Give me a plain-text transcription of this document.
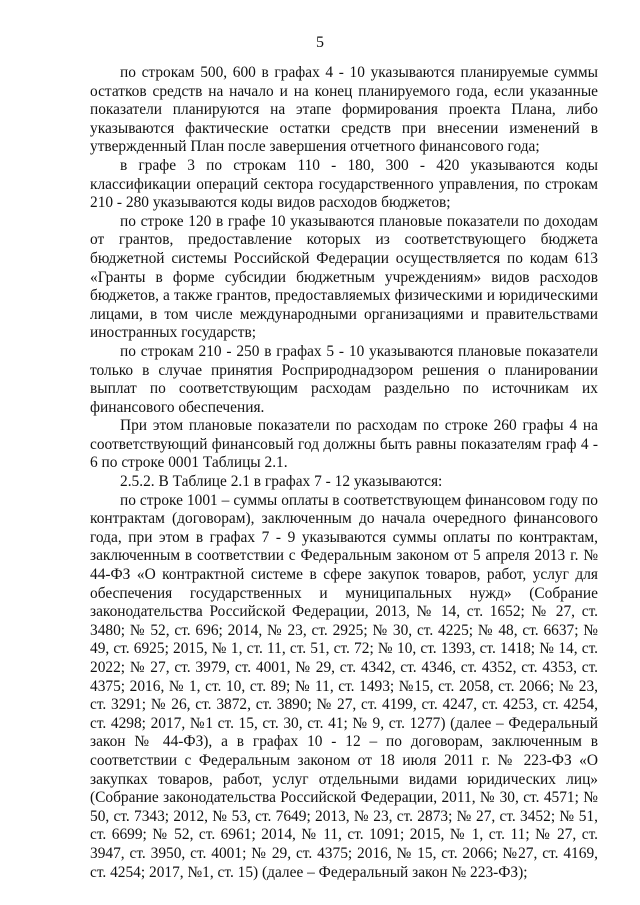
5

по строкам 500, 600 в графах 4 - 10 указываются планируемые суммы остатков средств на начало и на конец планируемого года, если указанные показатели планируются на этапе формирования проекта Плана, либо указываются фактические остатки средств при внесении изменений в утвержденный План после завершения отчетного финансового года;

в графе 3 по строкам 110 - 180, 300 - 420 указываются коды классификации операций сектора государственного управления, по строкам 210 - 280 указываются коды видов расходов бюджетов;

по строке 120 в графе 10 указываются плановые показатели по доходам от грантов, предоставление которых из соответствующего бюджета бюджетной системы Российской Федерации осуществляется по кодам 613 «Гранты в форме субсидии бюджетным учреждениям» видов расходов бюджетов, а также грантов, предоставляемых физическими и юридическими лицами, в том числе международными организациями и правительствами иностранных государств;

по строкам 210 - 250 в графах 5 - 10 указываются плановые показатели только в случае принятия Росприроднадзором решения о планировании выплат по соответствующим расходам раздельно по источникам их финансового обеспечения.

При этом плановые показатели по расходам по строке 260 графы 4 на соответствующий финансовый год должны быть равны показателям граф 4 - 6 по строке 0001 Таблицы 2.1.

2.5.2. В Таблице 2.1 в графах 7 - 12 указываются:

по строке 1001 – суммы оплаты в соответствующем финансовом году по контрактам (договорам), заключенным до начала очередного финансового года, при этом в графах 7 - 9 указываются суммы оплаты по контрактам, заключенным в соответствии с Федеральным законом от 5 апреля 2013 г. № 44-ФЗ «О контрактной системе в сфере закупок товаров, работ, услуг для обеспечения государственных и муниципальных нужд» (Собрание законодательства Российской Федерации, 2013, № 14, ст. 1652; № 27, ст. 3480; № 52, ст. 696; 2014, № 23, ст. 2925; № 30, ст. 4225; № 48, ст. 6637; № 49, ст. 6925; 2015, № 1, ст. 11, ст. 51, ст. 72; № 10, ст. 1393, ст. 1418; № 14, ст. 2022; № 27, ст. 3979, ст. 4001, № 29, ст. 4342, ст. 4346, ст. 4352, ст. 4353, ст. 4375; 2016, № 1, ст. 10, ст. 89; № 11, ст. 1493; №15, ст. 2058, ст. 2066; № 23, ст. 3291; № 26, ст. 3872, ст. 3890; № 27, ст. 4199, ст. 4247, ст. 4253, ст. 4254, ст. 4298; 2017, №1 ст. 15, ст. 30, ст. 41; № 9, ст. 1277) (далее – Федеральный закон № 44-ФЗ), а в графах 10 - 12 – по договорам, заключенным в соответствии с Федеральным законом от 18 июля 2011 г. № 223-ФЗ «О закупках товаров, работ, услуг отдельными видами юридических лиц» (Собрание законодательства Российской Федерации, 2011, № 30, ст. 4571; № 50, ст. 7343; 2012, № 53, ст. 7649; 2013, № 23, ст. 2873; № 27, ст. 3452; № 51, ст. 6699; № 52, ст. 6961; 2014, № 11, ст. 1091; 2015, № 1, ст. 11; № 27, ст. 3947, ст. 3950, ст. 4001; № 29, ст. 4375; 2016, № 15, ст. 2066; №27, ст. 4169, ст. 4254; 2017, №1, ст. 15) (далее – Федеральный закон № 223-ФЗ);
